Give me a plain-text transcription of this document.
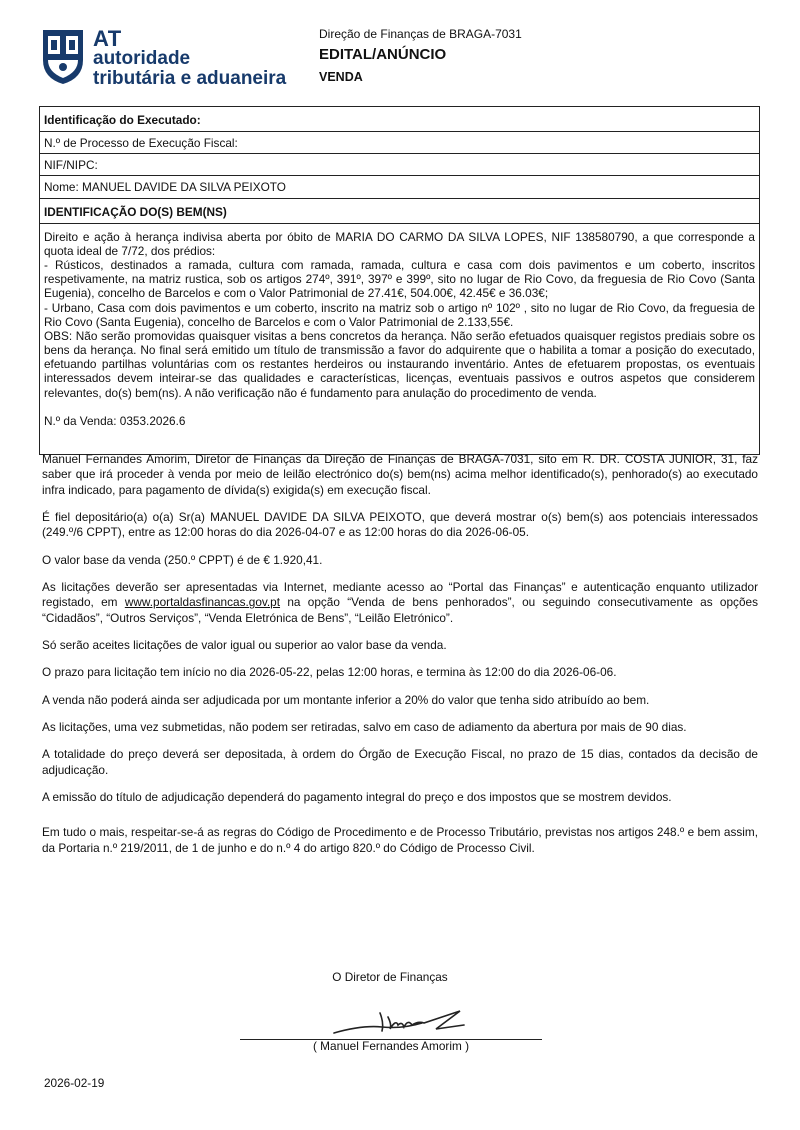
AT
autoridade
tributária e aduaneira
Direção de Finanças de BRAGA-7031
EDITAL/ANÚNCIO
VENDA
Identificação do Executado:
N.º de Processo de Execução Fiscal:
NIF/NIPC:
Nome: MANUEL DAVIDE DA SILVA PEIXOTO
IDENTIFICAÇÃO DO(S) BEM(NS)

Direito e ação à herança indivisa aberta por óbito de MARIA DO CARMO DA SILVA LOPES, NIF 138580790, a que corresponde a quota ideal de 7/72, dos prédios:

- Rústicos, destinados a ramada, cultura com ramada, ramada, cultura e casa com dois pavimentos e um coberto, inscritos respetivamente, na matriz rustica, sob os artigos 274º, 391º, 397º e 399º, sito no lugar de Rio Covo, da freguesia de Rio Covo (Santa Eugenia), concelho de Barcelos e com o Valor Patrimonial de 27.41€, 504.00€, 42.45€ e 36.03€;

- Urbano, Casa com dois pavimentos e um coberto, inscrito na matriz sob o artigo nº 102º , sito no lugar de Rio Covo, da freguesia de Rio Covo (Santa Eugenia), concelho de Barcelos e com o Valor Patrimonial de 2.133,55€.

OBS: Não serão promovidas quaisquer visitas a bens concretos da herança. Não serão efetuados quaisquer registos prediais sobre os bens da herança. No final será emitido um título de transmissão a favor do adquirente que o habilita a tomar a posição do executado, efetuando partilhas voluntárias com os restantes herdeiros ou instaurando inventário. Antes de efetuarem propostas, os eventuais interessados devem inteirar-se das qualidades e características, licenças, eventuais passivos e outros aspetos que considerem relevantes, do(s) bem(ns). A não verificação não é fundamento para anulação do procedimento de venda.

N.º da Venda: 0353.2026.6

Manuel Fernandes Amorim, Diretor de Finanças da Direção de Finanças de BRAGA-7031, sito em R. DR. COSTA JUNIOR, 31, faz saber que irá proceder à venda por meio de leilão electrónico do(s) bem(ns) acima melhor identificado(s), penhorado(s) ao executado infra indicado, para pagamento de dívida(s) exigida(s) em execução fiscal.

É fiel depositário(a) o(a) Sr(a) MANUEL DAVIDE DA SILVA PEIXOTO, que deverá mostrar o(s) bem(s) aos potenciais interessados (249.º/6 CPPT), entre as 12:00 horas do dia 2026-04-07 e as 12:00 horas do dia 2026-06-05.

O valor base da venda (250.º CPPT) é de € 1.920,41.

As licitações deverão ser apresentadas via Internet, mediante acesso ao “Portal das Finanças” e autenticação enquanto utilizador registado, em www.portaldasfinancas.gov.pt na opção “Venda de bens penhorados”, ou seguindo consecutivamente as opções “Cidadãos”, “Outros Serviços”, “Venda Eletrónica de Bens”, “Leilão Eletrónico”.

Só serão aceites licitações de valor igual ou superior ao valor base da venda.

O prazo para licitação tem início no dia 2026-05-22, pelas 12:00 horas, e termina às 12:00 do dia 2026-06-06.

A venda não poderá ainda ser adjudicada por um montante inferior a 20% do valor que tenha sido atribuído ao bem.

As licitações, uma vez submetidas, não podem ser retiradas, salvo em caso de adiamento da abertura por mais de 90 dias.

A totalidade do preço deverá ser depositada, à ordem do Órgão de Execução Fiscal, no prazo de 15 dias, contados da decisão de adjudicação.

A emissão do título de adjudicação dependerá do pagamento integral do preço e dos impostos que se mostrem devidos.

Em tudo o mais, respeitar-se-á as regras do Código de Procedimento e de Processo Tributário, previstas nos artigos 248.º e bem assim, da Portaria n.º 219/2011, de 1 de junho e do n.º 4 do artigo 820.º do Código de Processo Civil.

O Diretor de Finanças
( Manuel Fernandes Amorim )
2026-02-19
